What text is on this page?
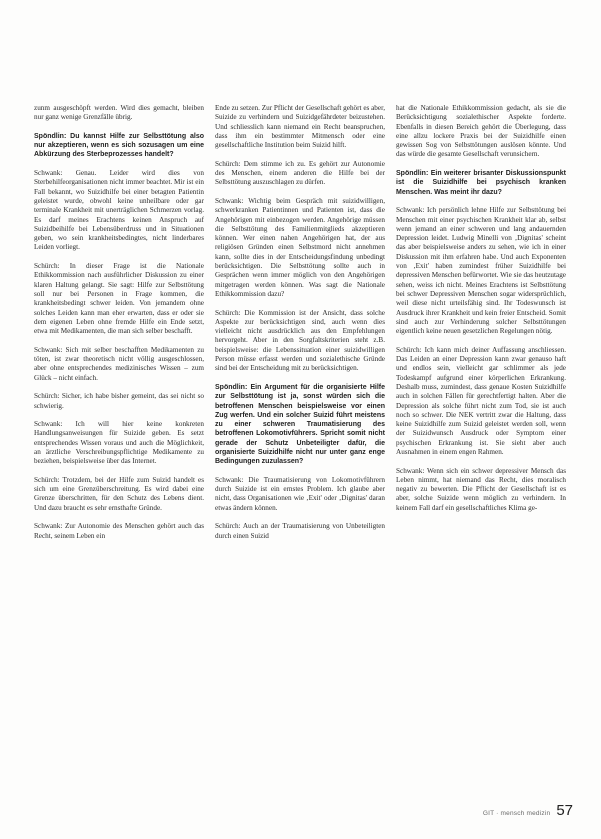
zunm ausgeschöpft werden. Wird dies gemacht, bleiben nur ganz wenige Grenzfälle übrig.

Spöndlin: Du kannst Hilfe zur Selbsttötung also nur akzeptieren, wenn es sich sozusagen um eine Abkürzung des Sterbeprozesses handelt?

Schwank: Genau. Leider wird dies von Sterbehilfeorganisationen nicht immer beachtet. Mir ist ein Fall bekannt, wo Suizidhilfe bei einer betagten Patientin geleistet wurde, obwohl keine unheilbare oder gar terminale Krankheit mit unerträglichen Schmerzen vorlag. Es darf meines Erachtens keinen Anspruch auf Suizidbeihilfe bei Lebensüberdruss und in Situationen geben, wo sein krankheitsbedingtes, nicht linderbares Leiden vorliegt.

Schürch: In dieser Frage ist die Nationale Ethikkommission nach ausführlicher Diskussion zu einer klaren Haltung gelangt. Sie sagt: Hilfe zur Selbsttötung soll nur bei Personen in Frage kommen, die krankheitsbedingt schwer leiden. Von jemandem ohne solches Leiden kann man eher erwarten, dass er oder sie dem eigenen Leben ohne fremde Hilfe ein Ende setzt, etwa mit Medikamenten, die man sich selber beschafft.

Schwank: Sich mit selber beschafften Medikamenten zu töten, ist zwar theoretisch nicht völlig ausgeschlossen, aber ohne entsprechendes medizinisches Wissen – zum Glück – nicht einfach.

Schürch: Sicher, ich habe bisher gemeint, das sei nicht so schwierig.

Schwank: Ich will hier keine konkreten Handlungsanweisungen für Suizide geben. Es setzt entsprechendes Wissen voraus und auch die Möglichkeit, an ärztliche Verschreibungspflichtige Medikamente zu beziehen, beispielsweise über das Internet.

Schürch: Trotzdem, bei der Hilfe zum Suizid handelt es sich um eine Grenzüberschreitung. Es wird dabei eine Grenze überschritten, für den Schutz des Lebens dient. Und dazu braucht es sehr ernsthafte Gründe.

Schwank: Zur Autonomie des Menschen gehört auch das Recht, seinem Leben ein

Ende zu setzen. Zur Pflicht der Gesellschaft gehört es aber, Suizide zu verhindern und Suizidgefährdeter beizustehen. Und schliesslich kann niemand ein Recht beanspruchen, dass ihm ein bestimmter Mitmensch oder eine gesellschaftliche Institution beim Suizid hilft.

Schürch: Dem stimme ich zu. Es gehört zur Autonomie des Menschen, einem anderen die Hilfe bei der Selbsttötung auszuschlagen zu dürfen.

Schwank: Wichtig beim Gespräch mit suizidwilligen, schwerkranken Patientinnen und Patienten ist, dass die Angehörigen mit einbezogen werden. Angehörige müssen die Selbsttötung des Familienmitglieds akzeptieren können. Wer einen nahen Angehörigen hat, der aus religiösen Gründen einen Selbstmord nicht annehmen kann, sollte dies in der Entscheidungsfindung unbedingt berücksichtigen. Die Selbsttötung sollte auch in Gesprächen wenn immer möglich von den Angehörigen mitgetragen werden können. Was sagt die Nationale Ethikkommission dazu?

Schürch: Die Kommission ist der Ansicht, dass solche Aspekte zur berücksichtigen sind, auch wenn dies vielleicht nicht ausdrücklich aus den Empfehlungen hervorgeht. Aber in den Sorgfaltskriterien steht z.B. beispielsweise: die Lebenssituation einer suizidwilligen Person müsse erfasst werden und sozialethische Gründe sind bei der Entscheidung mit zu berücksichtigen.

Spöndlin: Ein Argument für die organisierte Hilfe zur Selbsttötung ist ja, sonst würden sich die betroffenen Menschen beispielsweise vor einen Zug werfen. Und ein solcher Suizid führt meistens zu einer schweren Traumatisierung des betroffenen Lokomotivführers. Spricht somit nicht gerade der Schutz Unbeteiligter dafür, die organisierte Suizidhilfe nicht nur unter ganz enge Bedingungen zuzulassen?

Schwank: Die Traumatisierung von Lokomotivführern durch Suizide ist ein ernstes Problem. Ich glaube aber nicht, dass Organisationen wie ‚Exit' oder ‚Dignitas' daran etwas ändern können.

Schürch: Auch an der Traumatisierung von Unbeteiligten durch einen Suizid

hat die Nationale Ethikkommission gedacht, als sie die Berücksichtigung sozialethischer Aspekte forderte. Ebenfalls in diesen Bereich gehört die Überlegung, dass eine allzu lockere Praxis bei der Suizidhilfe einen gewissen Sog von Selbsttötungen auslösen könnte. Und das würde die gesamte Gesellschaft verunsichern.

Spöndlin: Ein weiterer brisanter Diskussionspunkt ist die Suizidhilfe bei psychisch kranken Menschen. Was meint ihr dazu?

Schwank: Ich persönlich lehne Hilfe zur Selbsttötung bei Menschen mit einer psychischen Krankheit klar ab, selbst wenn jemand an einer schweren und lang andauernden Depression leidet. Ludwig Minelli von ‚Dignitas' scheint das aber beispielsweise anders zu sehen, wie ich in einer Diskussion mit ihm erfahren habe. Und auch Exponenten von ‚Exit' haben zumindest früher Suizidhilfe bei depressiven Menschen befürwortet. Wie sie das heutzutage sehen, weiss ich nicht. Meines Erachtens ist Selbsttötung bei schwer Depressiven Menschen sogar widersprüchlich, weil diese nicht urteilsfähig sind. Ihr Todeswunsch ist Ausdruck ihrer Krankheit und kein freier Entscheid. Somit sind auch zur Verhinderung solcher Selbsttötungen eigentlich keine neuen gesetzlichen Regelungen nötig.

Schürch: Ich kann mich deiner Auffassung anschliessen. Das Leiden an einer Depression kann zwar genauso haft und endlos sein, vielleicht gar schlimmer als jede Todeskampf aufgrund einer körperlichen Erkrankung. Deshalb muss, zumindest, dass genaue Kosten Suizidhilfe auch in solchen Fällen für gerechtfertigt halten. Aber die Depression als solche führt nicht zum Tod, sie ist auch noch so schwer. Die NEK vertritt zwar die Haltung, dass keine Suizidhilfe zum Suizid geleistet werden soll, wenn der Suizidwunsch Ausdruck oder Symptom einer psychischen Erkrankung ist. Sie sieht aber auch Ausnahmen in einem engen Rahmen.

Schwank: Wenn sich ein schwer depressiver Mensch das Leben nimmt, hat niemand das Recht, dies moralisch negativ zu bewerten. Die Pflicht der Gesellschaft ist es aber, solche Suizide wenn möglich zu verhindern. In keinem Fall darf ein gesellschaftliches Klima ge-

GIT · mensch medizin 57
